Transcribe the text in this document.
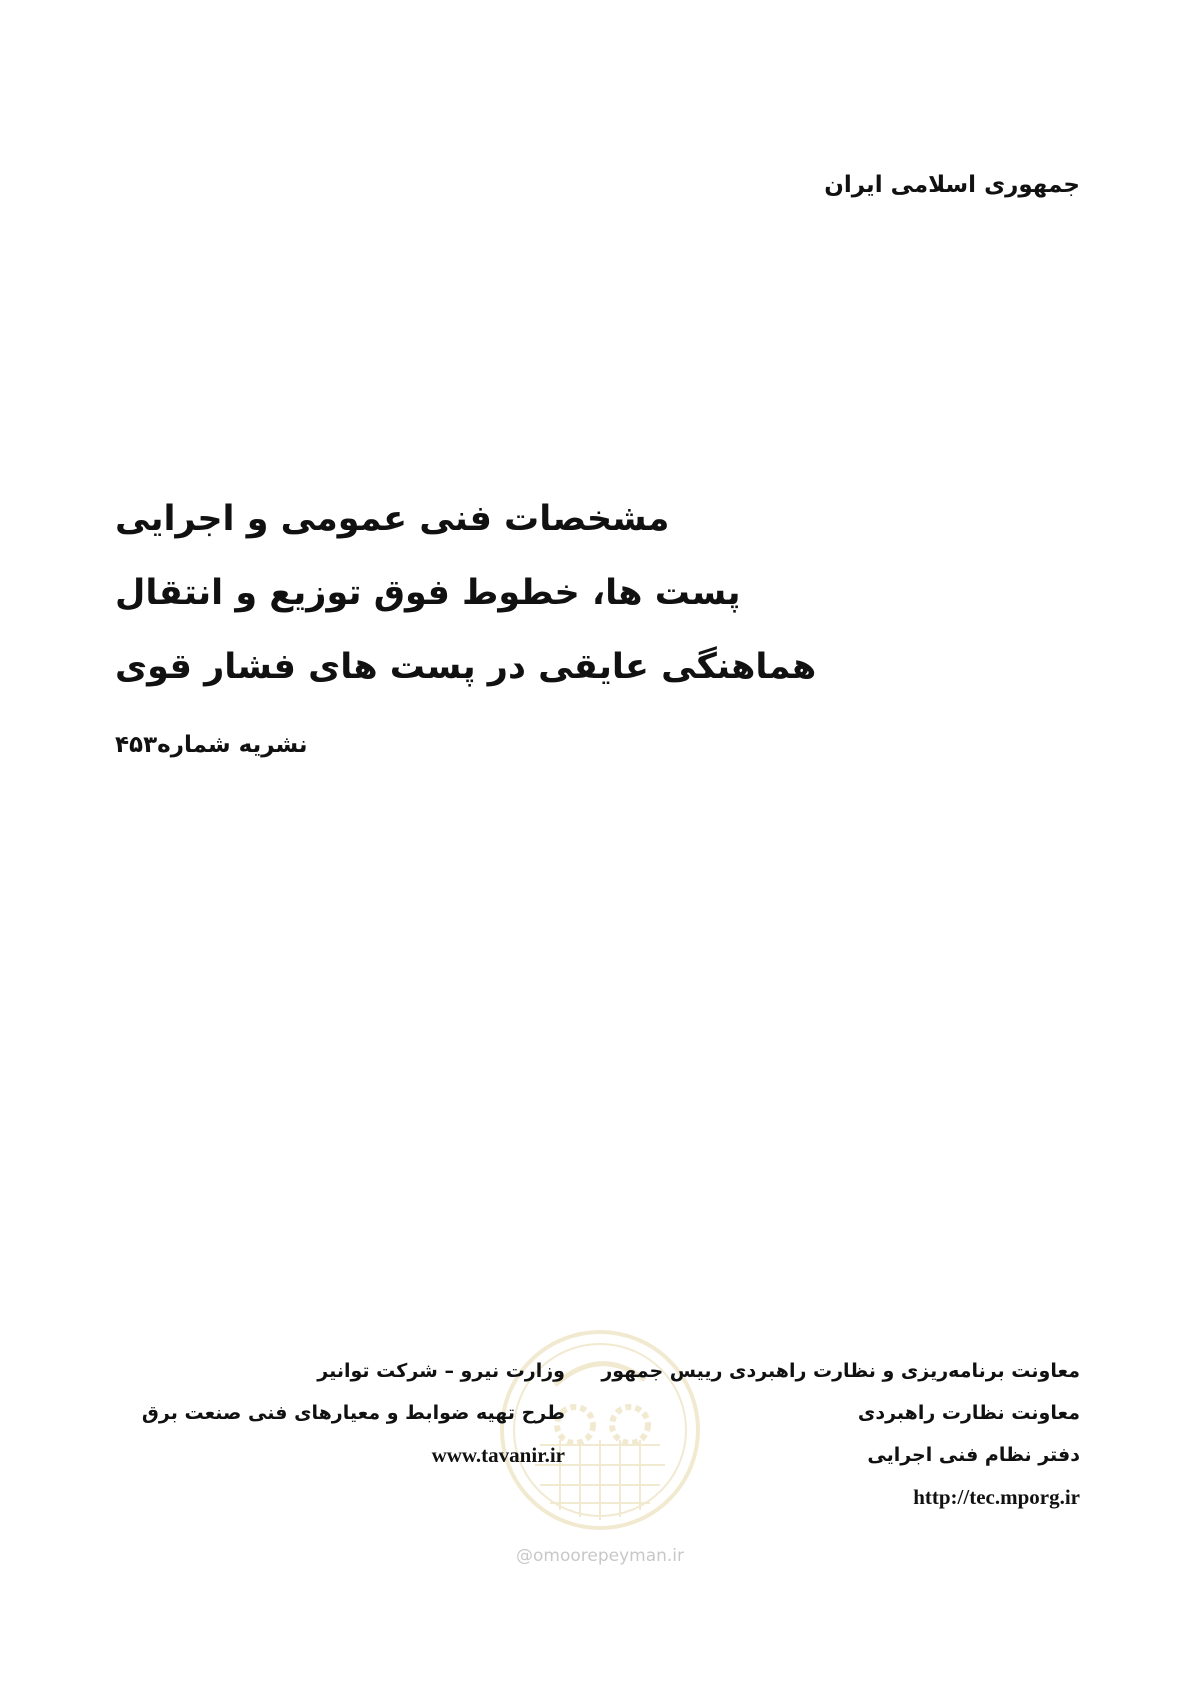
جمهوری اسلامی ایران
مشخصات فنی عمومی و اجرایی
پست ها، خطوط فوق توزیع و انتقال
هماهنگی عایقی در پست های فشار قوی
نشریه شماره۴۵۳
@omoorepeyman.ir
معاونت برنامه‌ریزی و نظارت راهبردی رییس جمهور
معاونت نظارت راهبردی
دفتر نظام فنی اجرایی
http://tec.mporg.ir
وزارت نیرو – شرکت توانیر
طرح تهیه ضوابط و معیارهای فنی صنعت برق
www.tavanir.ir
